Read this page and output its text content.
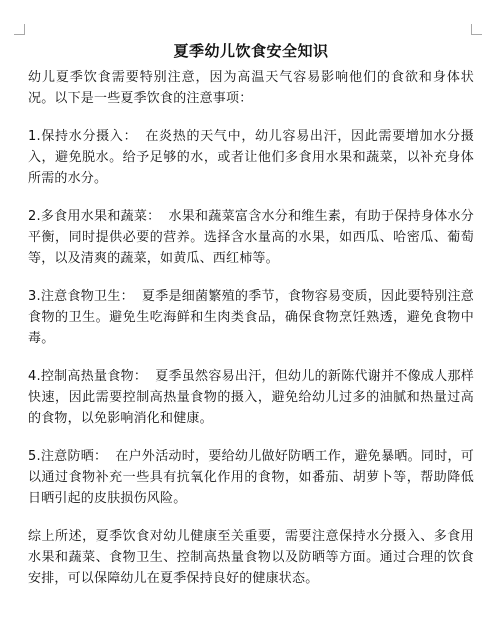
夏季幼儿饮食安全知识

幼儿夏季饮食需要特别注意，因为高温天气容易影响他们的食欲和身体状况。以下是一些夏季饮食的注意事项：

1.保持水分摄入： 在炎热的天气中，幼儿容易出汗，因此需要增加水分摄入，避免脱水。给予足够的水，或者让他们多食用水果和蔬菜，以补充身体所需的水分。

2.多食用水果和蔬菜： 水果和蔬菜富含水分和维生素，有助于保持身体水分平衡，同时提供必要的营养。选择含水量高的水果，如西瓜、哈密瓜、葡萄等，以及清爽的蔬菜，如黄瓜、西红柿等。

3.注意食物卫生： 夏季是细菌繁殖的季节，食物容易变质，因此要特别注意食物的卫生。避免生吃海鲜和生肉类食品，确保食物烹饪熟透，避免食物中毒。

4.控制高热量食物： 夏季虽然容易出汗，但幼儿的新陈代谢并不像成人那样快速，因此需要控制高热量食物的摄入，避免给幼儿过多的油腻和热量过高的食物，以免影响消化和健康。

5.注意防晒： 在户外活动时，要给幼儿做好防晒工作，避免暴晒。同时，可以通过食物补充一些具有抗氧化作用的食物，如番茄、胡萝卜等，帮助降低日晒引起的皮肤损伤风险。

综上所述，夏季饮食对幼儿健康至关重要，需要注意保持水分摄入、多食用水果和蔬菜、食物卫生、控制高热量食物以及防晒等方面。通过合理的饮食安排，可以保障幼儿在夏季保持良好的健康状态。
